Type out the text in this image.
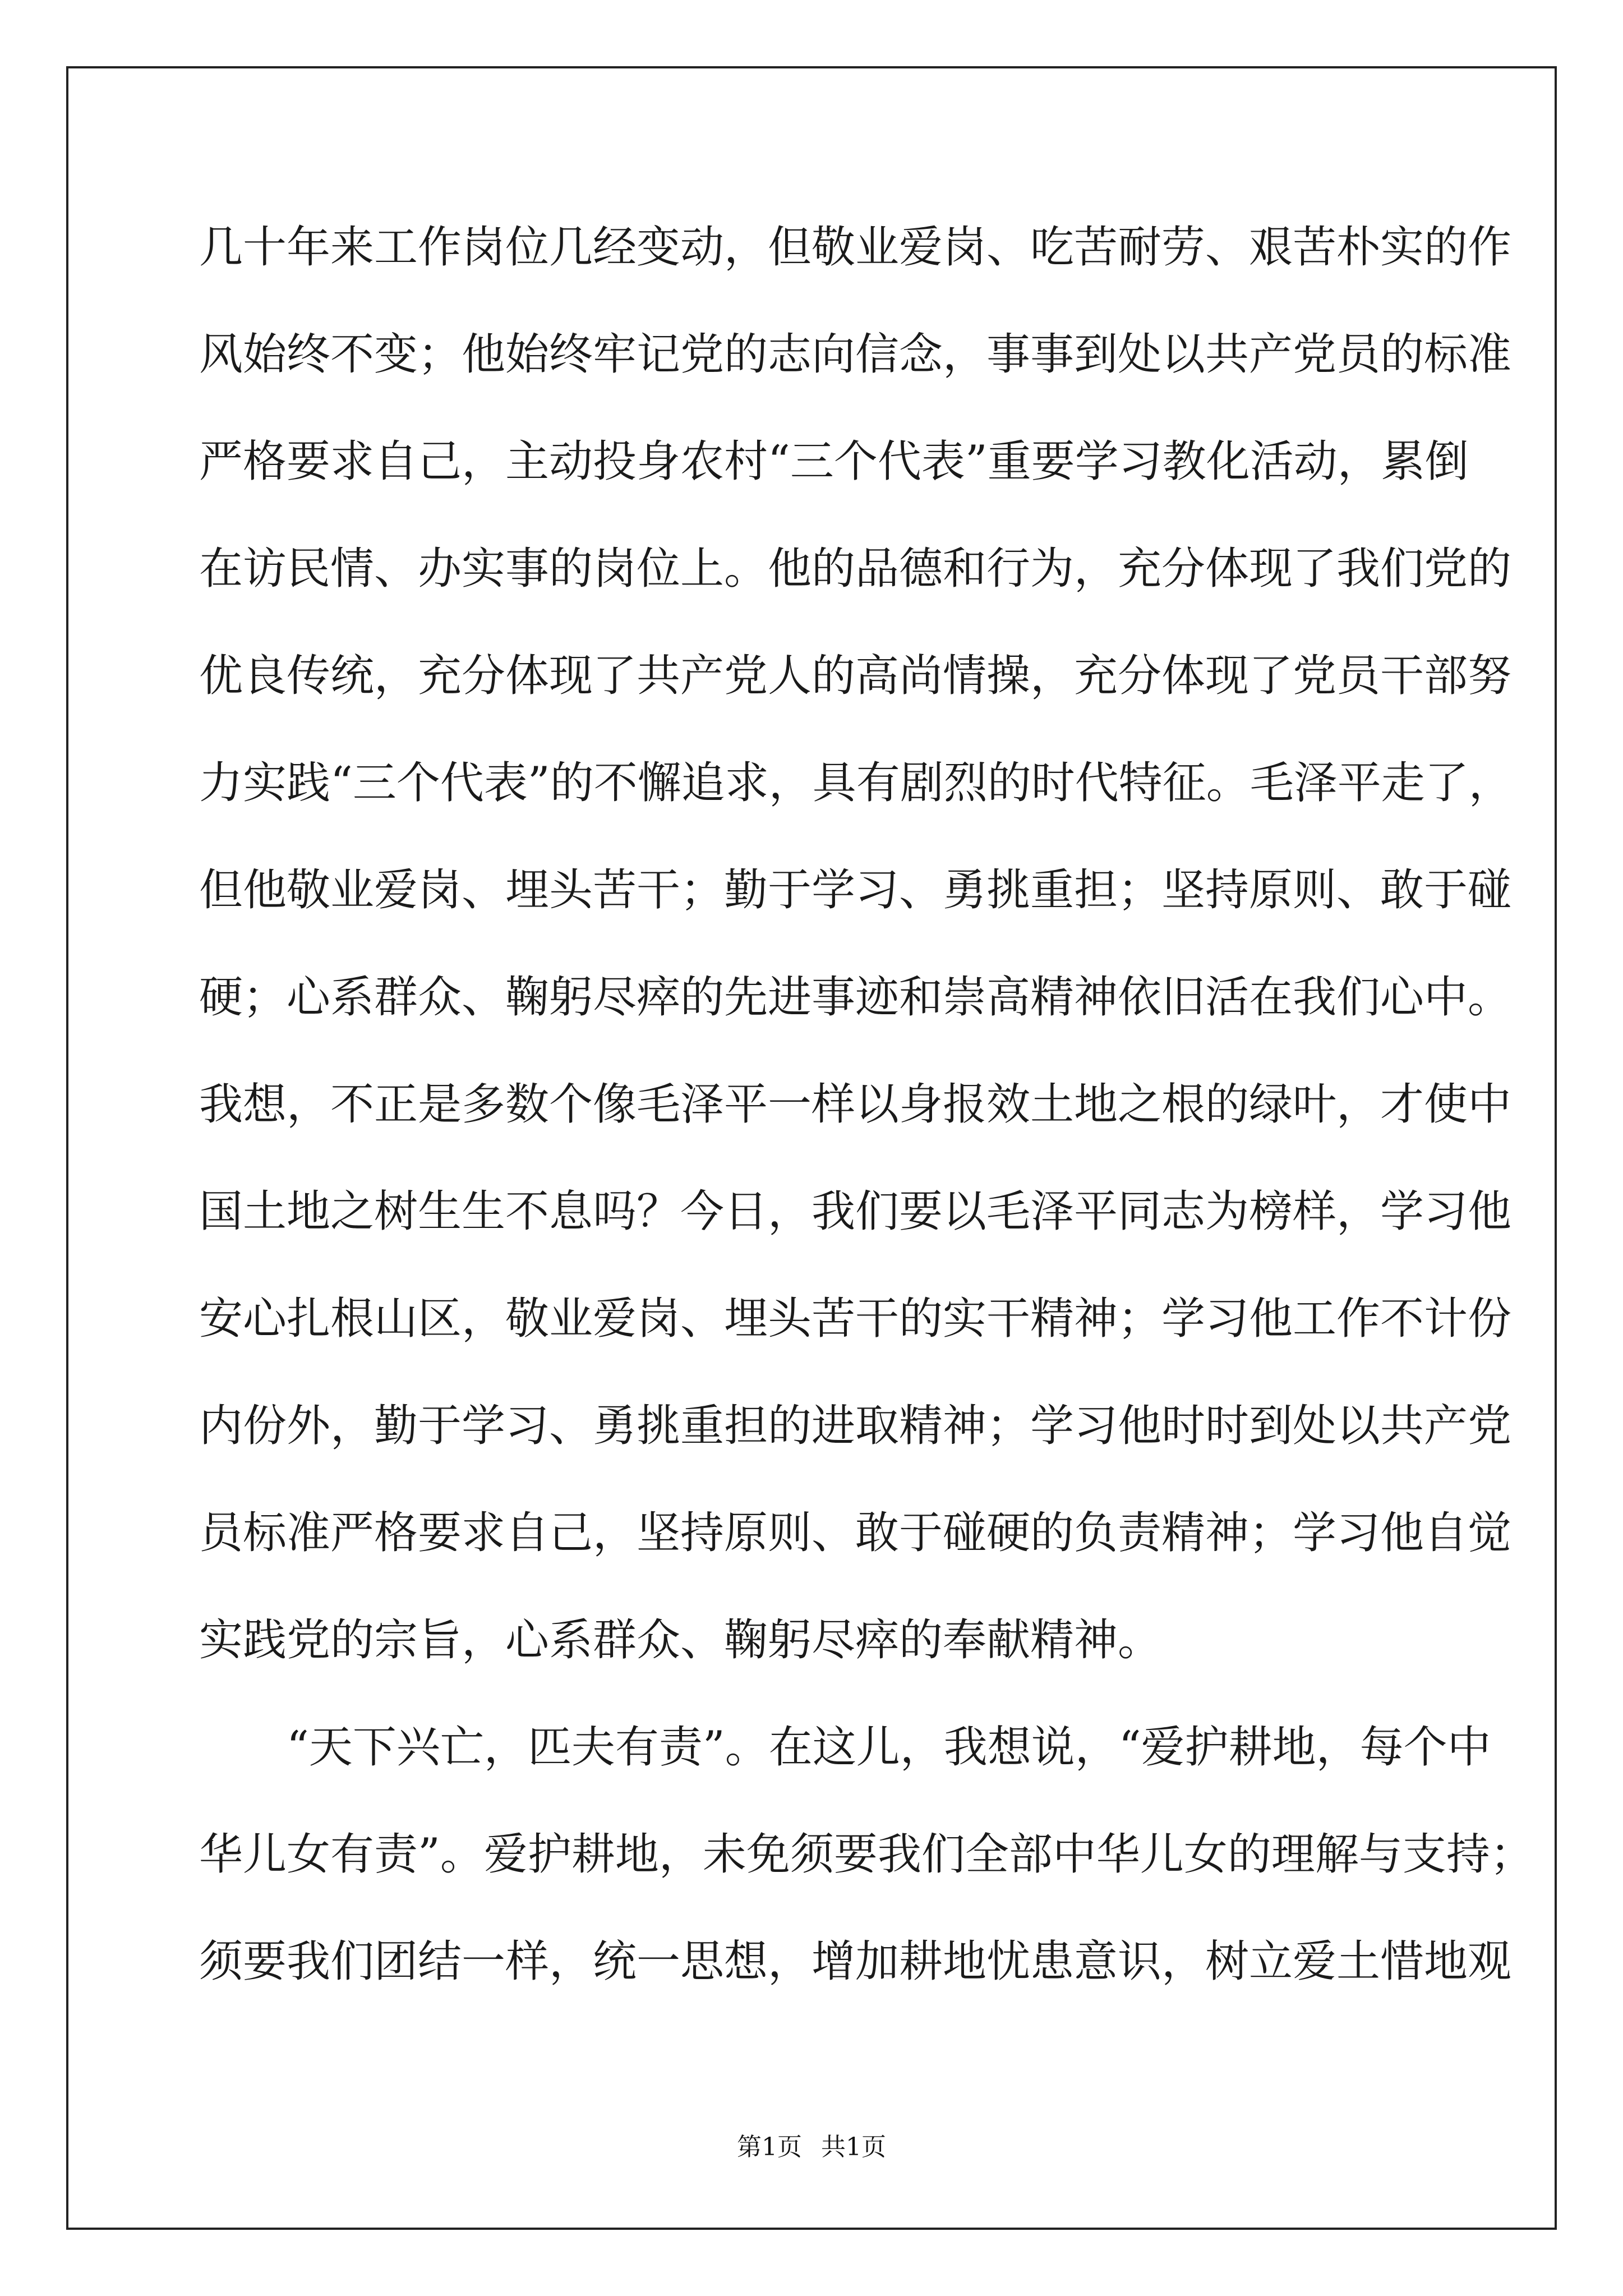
几十年来工作岗位几经变动，但敬业爱岗、吃苦耐劳、艰苦朴实的作
风始终不变；他始终牢记党的志向信念，事事到处以共产党员的标准
严格要求自己，主动投身农村“三个代表”重要学习教化活动，累倒
在访民情、办实事的岗位上。他的品德和行为，充分体现了我们党的
优良传统，充分体现了共产党人的高尚情操，充分体现了党员干部努
力实践“三个代表”的不懈追求，具有剧烈的时代特征。毛泽平走了，
但他敬业爱岗、埋头苦干；勤于学习、勇挑重担；坚持原则、敢于碰
硬；心系群众、鞠躬尽瘁的先进事迹和崇高精神依旧活在我们心中。
我想，不正是多数个像毛泽平一样以身报效土地之根的绿叶，才使中
国土地之树生生不息吗？今日，我们要以毛泽平同志为榜样，学习他
安心扎根山区，敬业爱岗、埋头苦干的实干精神；学习他工作不计份
内份外，勤于学习、勇挑重担的进取精神；学习他时时到处以共产党
员标准严格要求自己，坚持原则、敢于碰硬的负责精神；学习他自觉
实践党的宗旨，心系群众、鞠躬尽瘁的奉献精神。
　　“天下兴亡，匹夫有责”。在这儿，我想说，“爱护耕地，每个中
华儿女有责”。爱护耕地，未免须要我们全部中华儿女的理解与支持；
须要我们团结一样，统一思想，增加耕地忧患意识，树立爱土惜地观
第1页 共1页
